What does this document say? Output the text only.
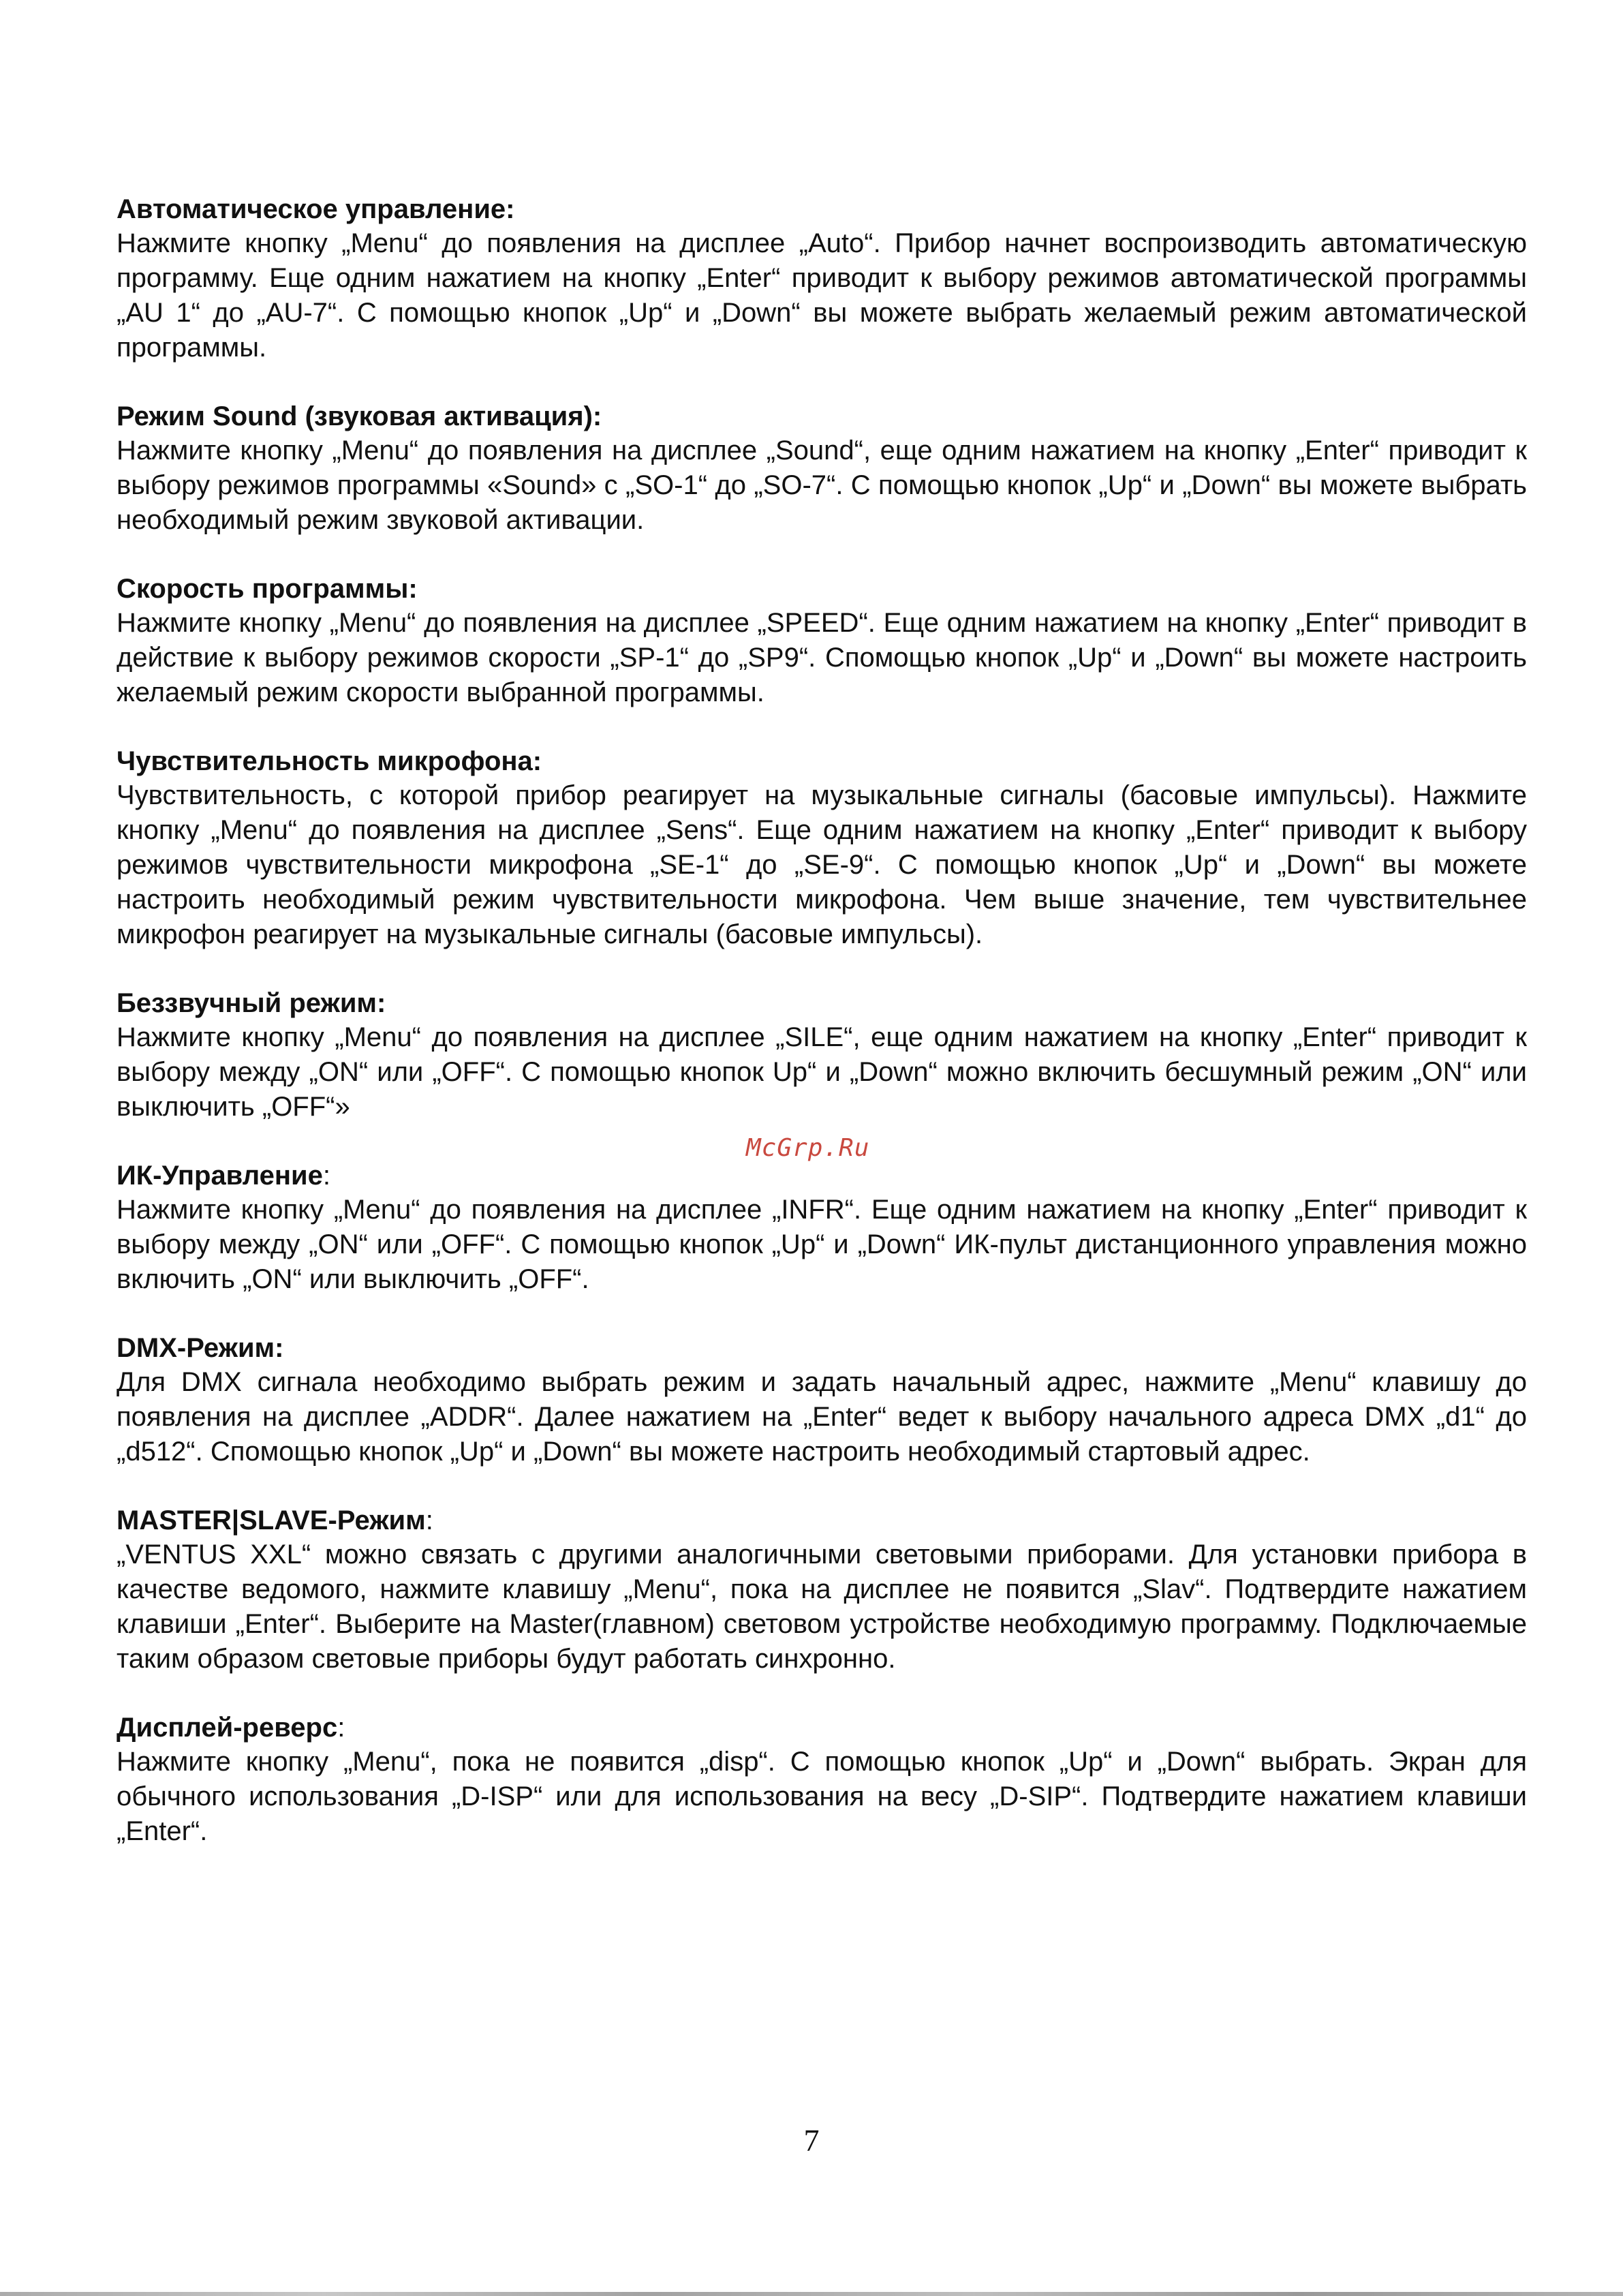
Автоматическое управление:

Нажмите кнопку „Menu“ до появления на дисплее „Auto“. Прибор начнет воспроизводить автоматическую программу. Еще одним нажатием на кнопку „Enter“ приводит к выбору режимов автоматической программы „AU 1“ до „AU-7“. С помощью кнопок „Up“ и „Down“ вы можете выбрать желаемый режим автоматической программы.

Режим Sound (звуковая активация):

Нажмите кнопку „Menu“ до появления на дисплее „Sound“, еще одним нажатием на кнопку „Enter“ приводит к выбору режимов программы «Sound» с „SO-1“ до „SO-7“. С помощью кнопок „Up“ и „Down“ вы можете выбрать необходимый режим звуковой активации.

Скорость программы:

Нажмите кнопку „Menu“ до появления на дисплее „SPEED“. Еще одним нажатием на кнопку „Enter“ приводит в действие к выбору режимов скорости „SP-1“ до „SP9“. Спомощью кнопок „Up“ и „Down“ вы можете настроить желаемый режим скорости выбранной программы.

Чувствительность микрофона:

Чувствительность, с которой прибор реагирует на музыкальные сигналы (басовые импульсы). Нажмите кнопку „Menu“ до появления на дисплее „Sens“. Еще одним нажатием на кнопку „Enter“ приводит к выбору режимов чувствительности микрофона „SE-1“ до „SE-9“. С помощью кнопок „Up“ и „Down“ вы можете настроить необходимый режим чувствительности микрофона. Чем выше значение, тем чувствительнее микрофон реагирует на музыкальные сигналы (басовые импульсы).

Беззвучный режим:

Нажмите кнопку „Menu“ до появления на дисплее „SILE“, еще одним нажатием на кнопку „Enter“ приводит к выбору между „ON“ или „OFF“. С помощью кнопок Up“ и „Down“ можно включить бесшумный режим „ON“ или выключить „OFF“»

ИК-Управление:

Нажмите кнопку „Menu“ до появления на дисплее „INFR“. Еще одним нажатием на кнопку „Enter“ приводит к выбору между „ON“ или „OFF“. С помощью кнопок „Up“ и „Down“ ИК-пульт дистанционного управления можно включить „ON“ или выключить „OFF“.

DMX-Режим:

Для DMX сигнала необходимо выбрать режим и задать начальный адрес, нажмите „Menu“ клавишу до появления на дисплее „ADDR“. Далее нажатием на „Enter“ ведет к выбору начального адреса DMX „d1“ до „d512“. Спомощью кнопок „Up“ и „Down“ вы можете настроить необходимый стартовый адрес.

MASTER|SLAVE-Режим:

„VENTUS XXL“ можно связать с другими аналогичными световыми приборами. Для установки прибора в качестве ведомого, нажмите клавишу „Menu“, пока на дисплее не появится „Slav“. Подтвердите нажатием клавиши „Enter“. Выберите на Master(главном) световом устройстве необходимую программу. Подключаемые таким образом световые приборы будут работать синхронно.

Дисплей-реверс:

Нажмите кнопку „Menu“, пока не появится „disp“. С помощью кнопок „Up“ и „Down“ выбрать. Экран для обычного использования „D-ISP“ или для использования на весу „D-SIP“. Подтвердите нажатием клавиши „Enter“.

McGrp.Ru
7
